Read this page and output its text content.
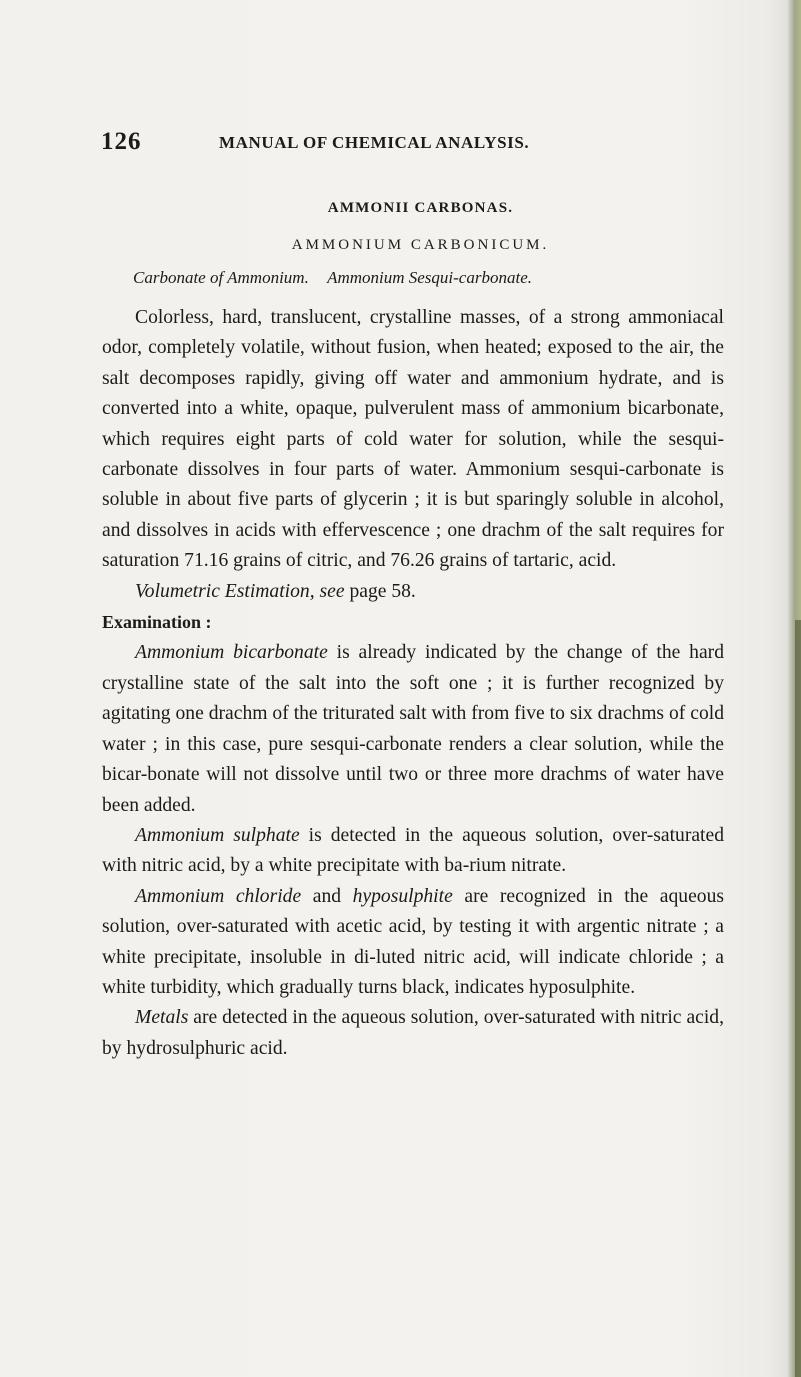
126	MANUAL OF CHEMICAL ANALYSIS.
AMMONII CARBONAS.
AMMONIUM CARBONICUM.
Carbonate of Ammonium. Ammonium Sesqui-carbonate.

Colorless, hard, translucent, crystalline masses, of a strong ammoniacal odor, completely volatile, without fusion, when heated; exposed to the air, the salt decomposes rapidly, giving off water and ammonium hydrate, and is converted into a white, opaque, pulverulent mass of ammonium bicarbonate, which requires eight parts of cold water for solution, while the sesqui-carbonate dissolves in four parts of water. Ammonium sesqui-carbonate is soluble in about five parts of glycerin ; it is but sparingly soluble in alcohol, and dissolves in acids with effervescence ; one drachm of the salt requires for saturation 71.16 grains of citric, and 76.26 grains of tartaric, acid.

Volumetric Estimation, see page 58.

Examination :

Ammonium bicarbonate is already indicated by the change of the hard crystalline state of the salt into the soft one ; it is further recognized by agitating one drachm of the triturated salt with from five to six drachms of cold water ; in this case, pure sesqui-carbonate renders a clear solution, while the bicar-bonate will not dissolve until two or three more drachms of water have been added.

Ammonium sulphate is detected in the aqueous solution, over-saturated with nitric acid, by a white precipitate with ba-rium nitrate.

Ammonium chloride and hyposulphite are recognized in the aqueous solution, over-saturated with acetic acid, by testing it with argentic nitrate ; a white precipitate, insoluble in di-luted nitric acid, will indicate chloride ; a white turbidity, which gradually turns black, indicates hyposulphite.

Metals are detected in the aqueous solution, over-saturated with nitric acid, by hydrosulphuric acid.
